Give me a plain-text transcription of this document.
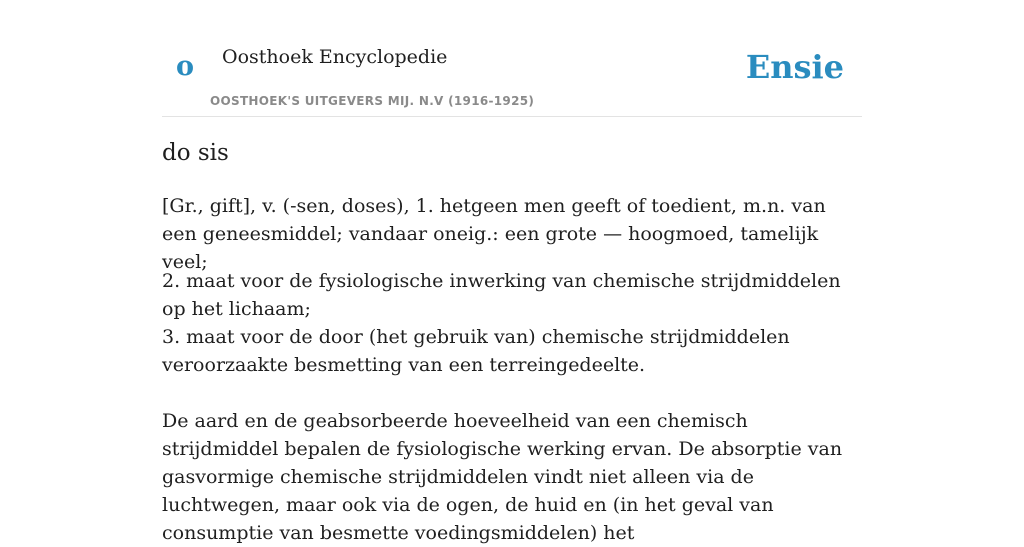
o Oosthoek Encyclopedie
OOSTHOEK'S UITGEVERS MIJ. N.V (1916-1925)
Ensie
do sis

[Gr., gift], v. (-sen, doses), 1. hetgeen men geeft of toedient, m.n. van een geneesmiddel; vandaar oneig.: een grote — hoogmoed, tamelijk veel;

2. maat voor de fysiologische inwerking van chemische strijdmiddelen op het lichaam;
3. maat voor de door (het gebruik van) chemische strijdmiddelen veroorzaakte besmetting van een terreingedeelte.

De aard en de geabsorbeerde hoeveelheid van een chemisch strijdmiddel bepalen de fysiologische werking ervan. De absorptie van gasvormige chemische strijdmiddelen vindt niet alleen via de luchtwegen, maar ook via de ogen, de huid en (in het geval van consumptie van besmette voedingsmiddelen) het
